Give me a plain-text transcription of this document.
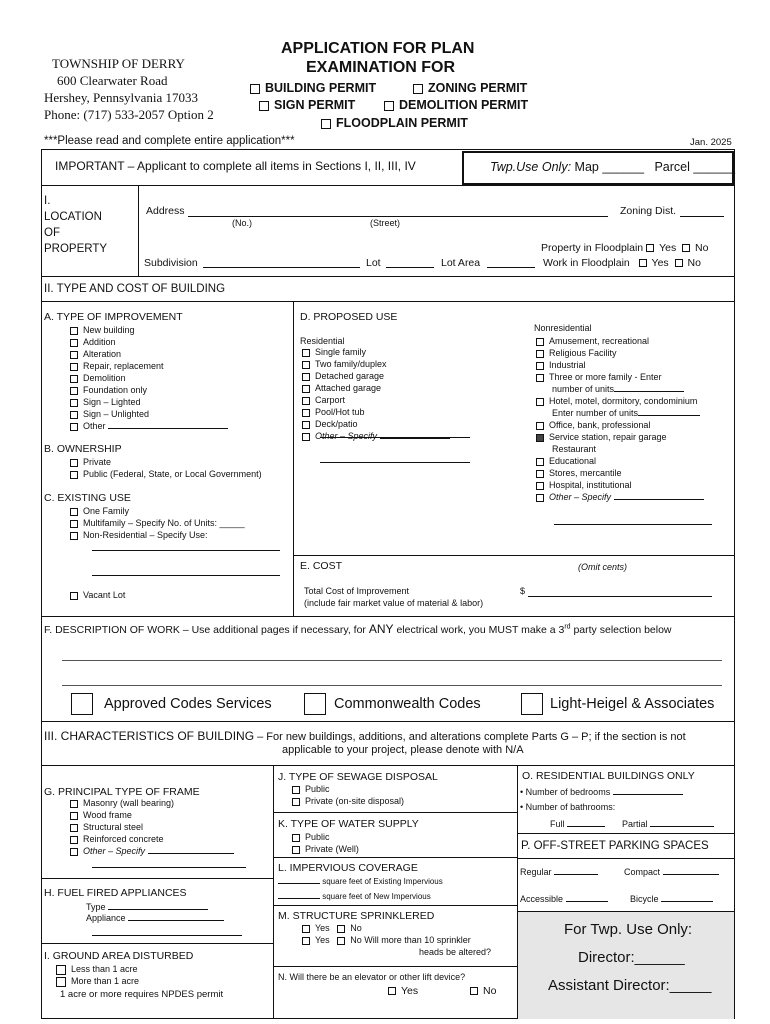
TOWNSHIP OF DERRY
600 Clearwater Road
Hershey, Pennsylvania 17033
Phone: (717) 533-2057 Option 2
APPLICATION FOR PLAN
EXAMINATION FOR
BUILDING PERMIT	ZONING PERMIT
SIGN PERMIT	DEMOLITION PERMIT
FLOODPLAIN PERMIT
***Please read and complete entire application***	Jan. 2025
IMPORTANT – Applicant to complete all items in Sections I, II, III, IV	Twp.Use Only: Map ______ Parcel ______
I.
LOCATION
OF
PROPERTY
Address
(No.)	(Street)
Zoning Dist.
Property in Floodplain Yes No
Subdivision	Lot	Lot Area	Work in Floodplain Yes No
II. TYPE AND COST OF BUILDING
A. TYPE OF IMPROVEMENT
New building
Addition
Alteration
Repair, replacement
Demolition
Foundation only
Sign – Lighted
Sign – Unlighted
Other
B. OWNERSHIP
Private
Public (Federal, State, or Local Government)
C. EXISTING USE
One Family
Multifamily – Specify No. of Units: _____
Non-Residential – Specify Use:
Vacant Lot
D. PROPOSED USE
Residential
Single family
Two family/duplex
Detached garage
Attached garage
Carport
Pool/Hot tub
Deck/patio
Other – Specify
Nonresidential
Amusement, recreational
Religious Facility
Industrial
Three or more family - Enter
number of units
Hotel, motel, dormitory, condominium
Enter number of units
Office, bank, professional
Service station, repair garage
Restaurant
Educational
Stores, mercantile
Hospital, institutional
Other – Specify
E. COST	(Omit cents)
Total Cost of Improvement
(include fair market value of material & labor)
$
F. DESCRIPTION OF WORK – Use additional pages if necessary, for ANY electrical work, you MUST make a 3rd party selection below
Approved Codes Services	Commonwealth Codes	Light-Heigel & Associates
III. CHARACTERISTICS OF BUILDING – For new buildings, additions, and alterations complete Parts G – P; if the section is not
applicable to your project, please denote with N/A
G. PRINCIPAL TYPE OF FRAME
Masonry (wall bearing)
Wood frame
Structural steel
Reinforced concrete
Other – Specify
H. FUEL FIRED APPLIANCES
Type
Appliance
I. GROUND AREA DISTURBED
Less than 1 acre
More than 1 acre
1 acre or more requires NPDES permit
J. TYPE OF SEWAGE DISPOSAL
Public
Private (on-site disposal)
K. TYPE OF WATER SUPPLY
Public
Private (Well)
L. IMPERVIOUS COVERAGE
square feet of Existing Impervious
square feet of New Impervious
M. STRUCTURE SPRINKLERED
Yes No
Yes No Will more than 10 sprinkler
heads be altered?
N. Will there be an elevator or other lift device?
Yes	No
O. RESIDENTIAL BUILDINGS ONLY
• Number of bedrooms
• Number of bathrooms:
Full	Partial
P. OFF-STREET PARKING SPACES
Regular	Compact
Accessible	Bicycle
For Twp. Use Only:
Director:______
Assistant Director:_____
